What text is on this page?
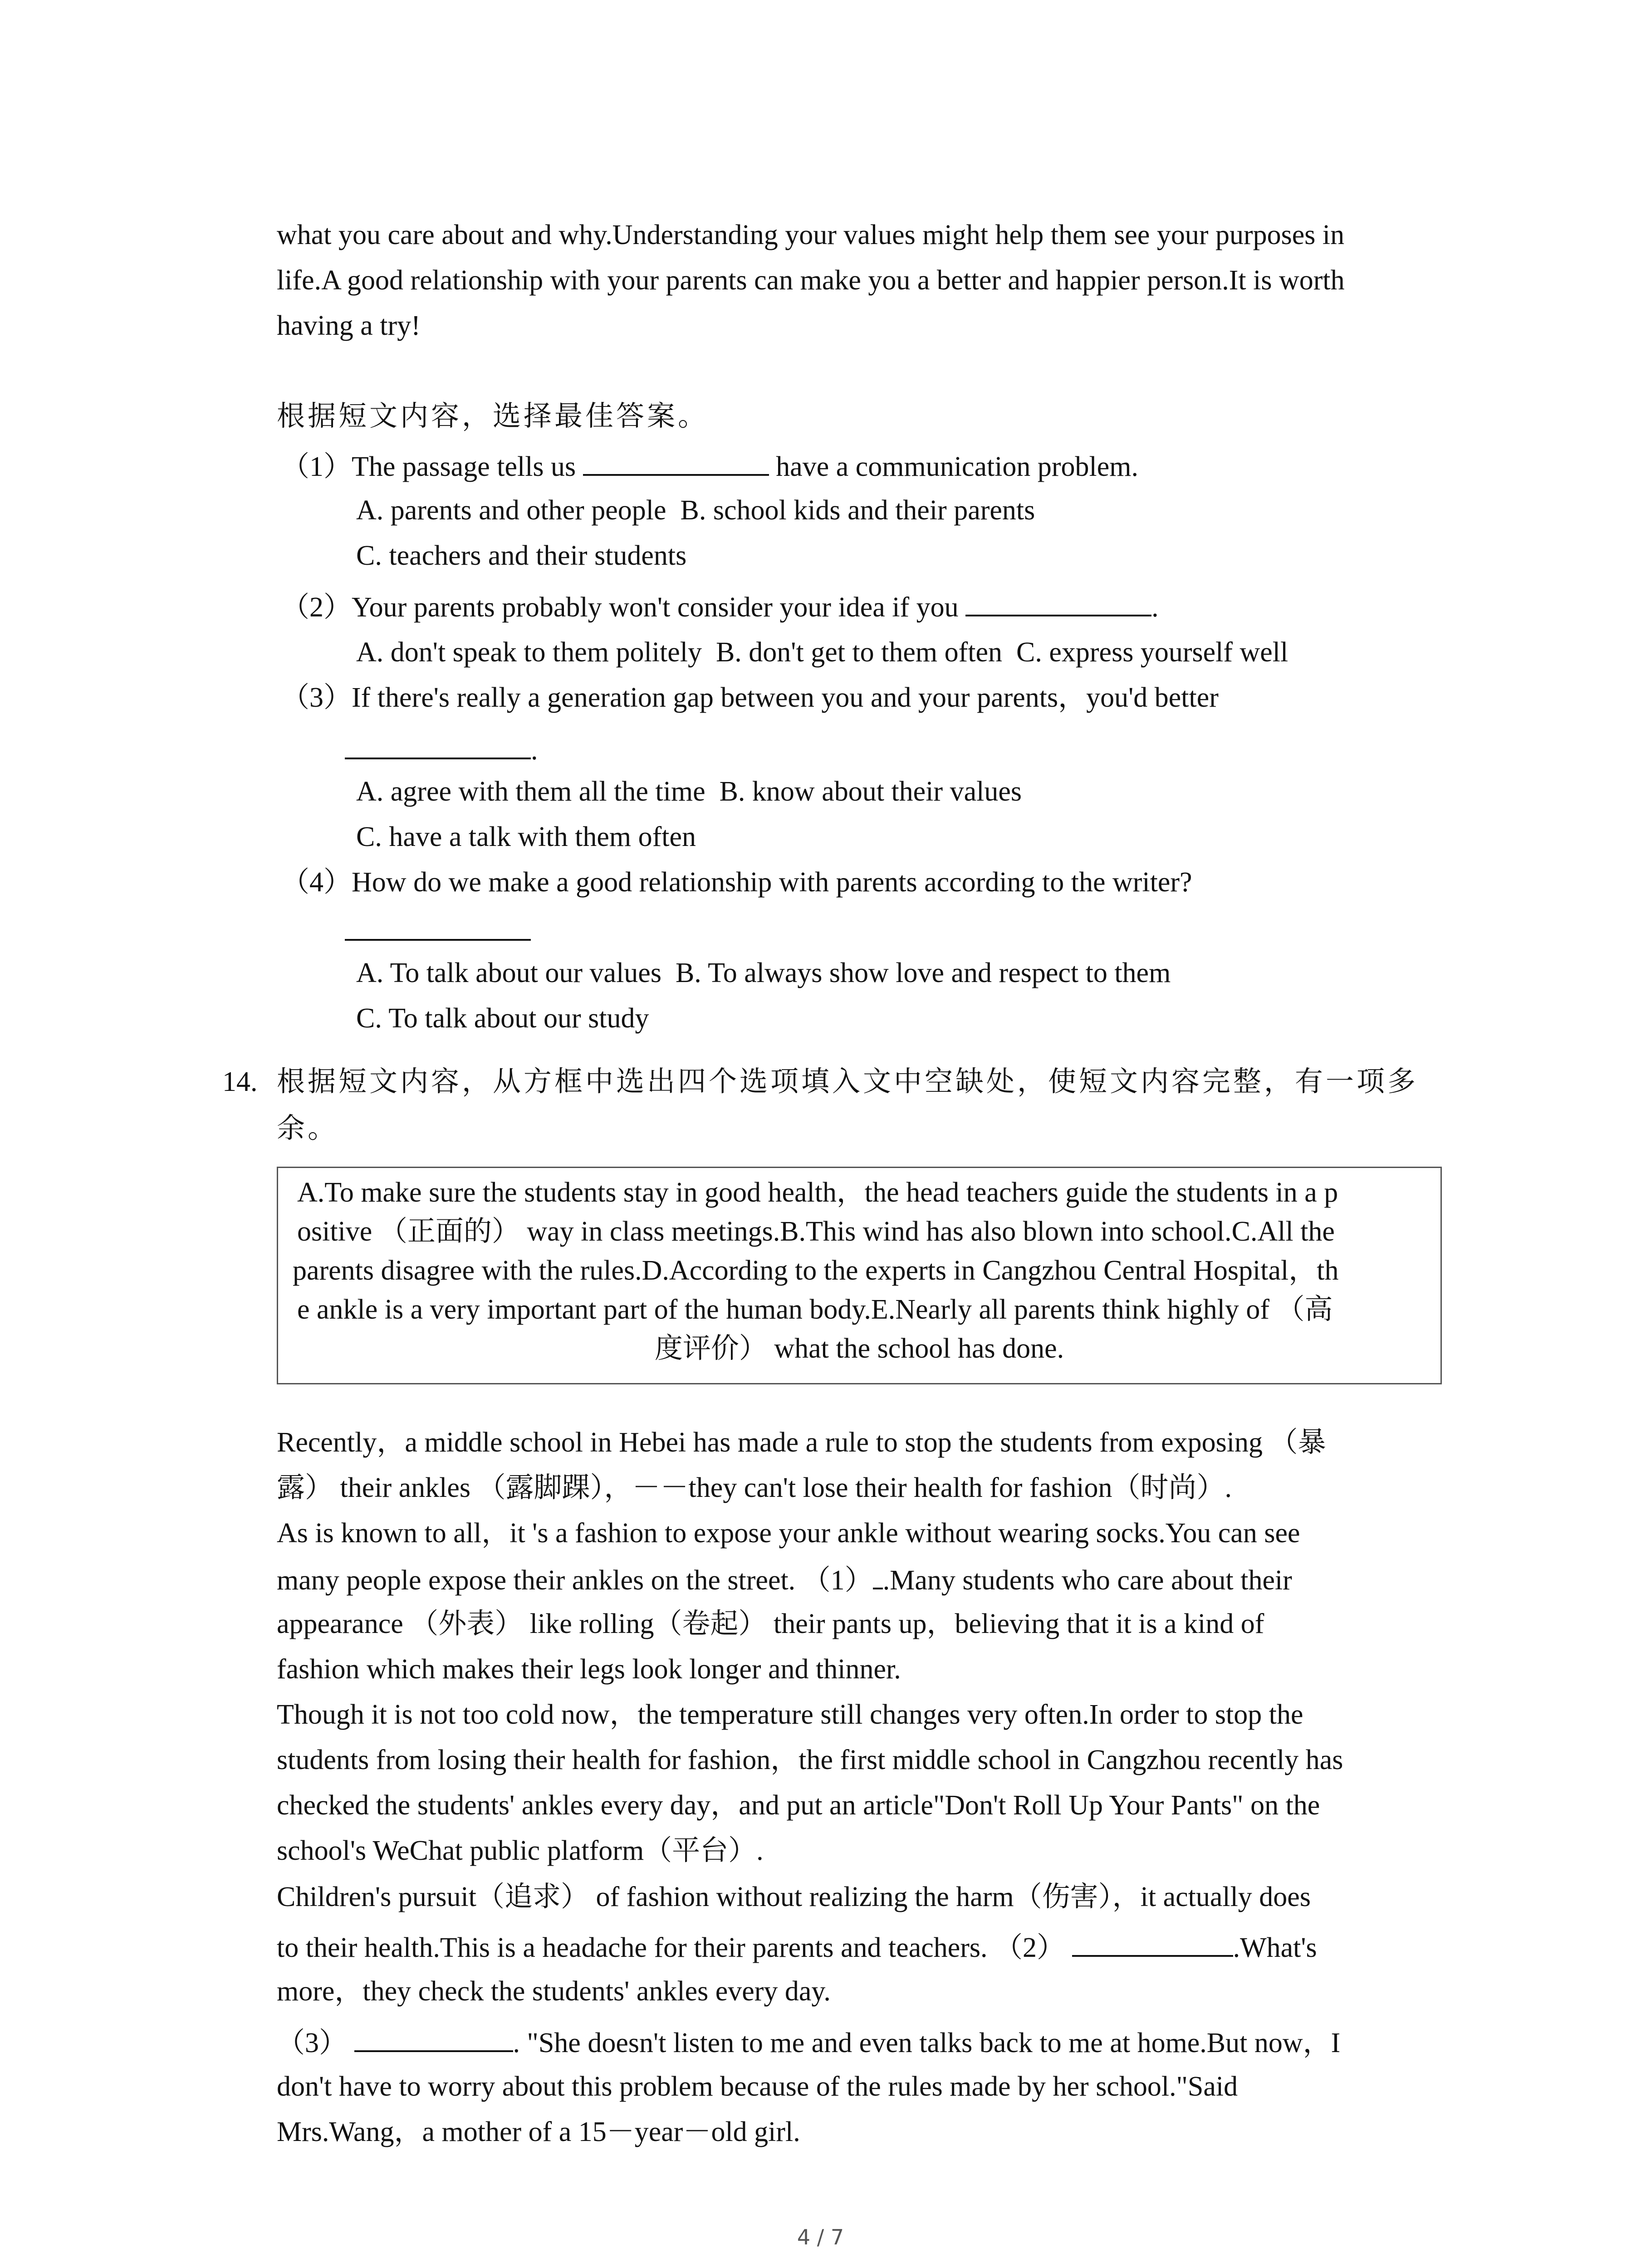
what you care about and why.Understanding your values might help them see your purposes in
life.A good relationship with your parents can make you a better and happier person.It is worth
having a try!
根据短文内容，选择最佳答案。
（1）The passage tells us	have a communication problem.
A. parents and other people  B. school kids and their parents
C. teachers and their students
（2）Your parents probably won't consider your idea if you	.
A. don't speak to them politely  B. don't get to them often  C. express yourself well
（3）If there's really a generation gap between you and your parents，you'd better
.
A. agree with them all the time  B. know about their values
C. have a talk with them often
（4）How do we make a good relationship with parents according to the writer?
A. To talk about our values  B. To always show love and respect to them
C. To talk about our study
14. 根据短文内容，从方框中选出四个选项填入文中空缺处，使短文内容完整，有一项多
余。
A.To make sure the students stay in good health，the head teachers guide the students in a p
ositive （正面的） way in class meetings.B.This wind has also blown into school.C.All the
parents disagree with the rules.D.According to the experts in Cangzhou Central Hospital，th
e ankle is a very important part of the human body.E.Nearly all parents think highly of （高
度评价） what the school has done.
Recently，a middle school in Hebei has made a rule to stop the students from exposing （暴
露） their ankles （露脚踝），－－they can't lose their health for fashion（时尚）.
As is known to all，it 's a fashion to expose your ankle without wearing socks.You can see
many people expose their ankles on the street. （1） .Many students who care about their
appearance （外表） like rolling（卷起） their pants up，believing that it is a kind of
fashion which makes their legs look longer and thinner.
Though it is not too cold now，the temperature still changes very often.In order to stop the
students from losing their health for fashion，the first middle school in Cangzhou recently has
checked the students' ankles every day，and put an article"Don't Roll Up Your Pants" on the
school's WeChat public platform（平台）.
Children's pursuit（追求） of fashion without realizing the harm（伤害），it actually does
to their health.This is a headache for their parents and teachers. （2）	.What's
more，they check the students' ankles every day.
（3）	. "She doesn't listen to me and even talks back to me at home.But now，I
don't have to worry about this problem because of the rules made by her school."Said
Mrs.Wang，a mother of a 15－year－old girl.
4 / 7
